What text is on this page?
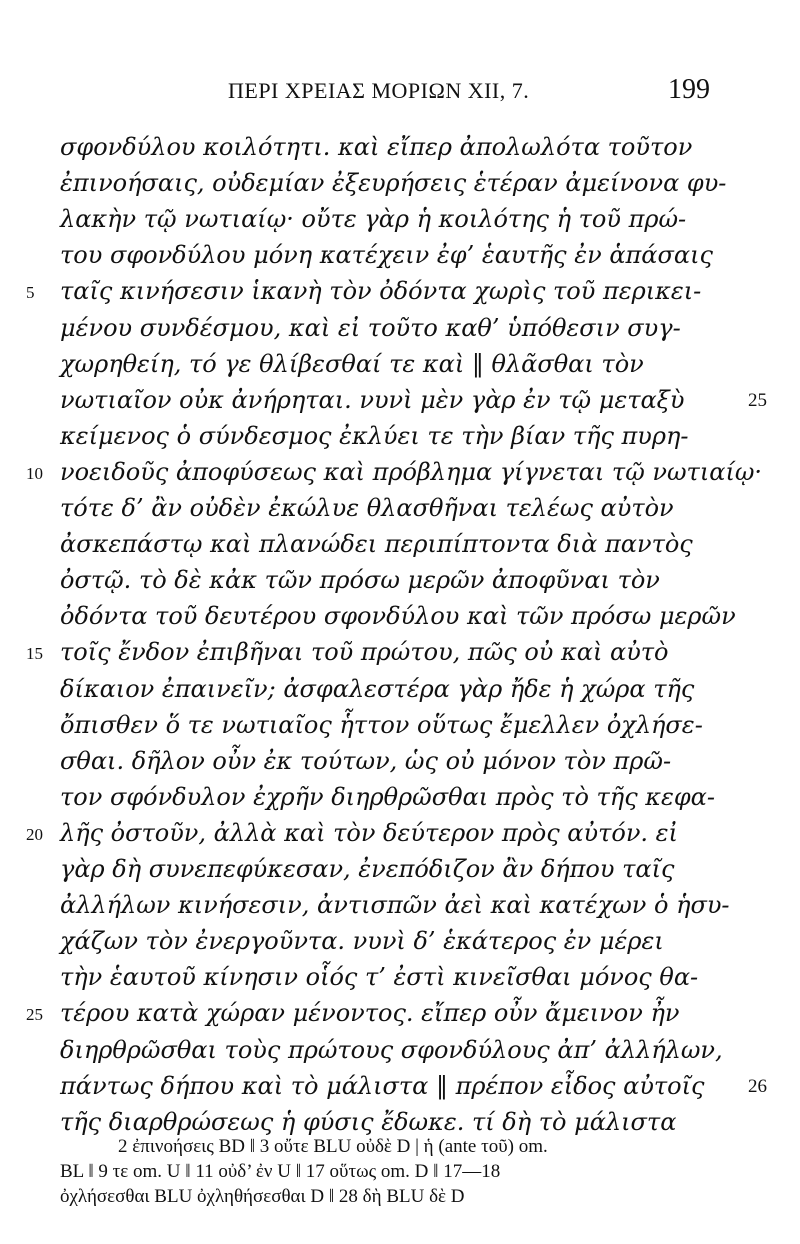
ΠΕΡΙ ΧΡΕΙΑΣ ΜΟΡΙΩΝ XII, 7.	199
σφονδύλου κοιλότητι. καὶ εἴπερ ἀπολωλότα τοῦτον
ἐπινοήσαις, οὐδεμίαν ἐξευρήσεις ἑτέραν ἀμείνονα φυ-
λακὴν τῷ νωτιαίῳ· οὔτε γὰρ ἡ κοιλότης ἡ τοῦ πρώ-
του σφονδύλου μόνη κατέχειν ἐφ’ ἑαυτῆς ἐν ἁπάσαις
ταῖς κινήσεσιν ἱκανὴ τὸν ὀδόντα χωρὶς τοῦ περικει-
μένου συνδέσμου, καὶ εἰ τοῦτο καθ’ ὑπόθεσιν συγ-
χωρηθείη, τό γε θλίβεσθαί τε καὶ ‖ θλᾶσθαι τὸν
νωτιαῖον οὐκ ἀνήρηται. νυνὶ μὲν γὰρ ἐν τῷ μεταξὺ
κείμενος ὁ σύνδεσμος ἐκλύει τε τὴν βίαν τῆς πυρη-
νοειδοῦς ἀποφύσεως καὶ πρόβλημα γίγνεται τῷ νωτιαίῳ·
τότε δ’ ἂν οὐδὲν ἐκώλυε θλασθῆναι τελέως αὐτὸν
ἀσκεπάστῳ καὶ πλανώδει περιπίπτοντα διὰ παντὸς
ὀστῷ. τὸ δὲ κἀκ τῶν πρόσω μερῶν ἀποφῦναι τὸν
ὀδόντα τοῦ δευτέρου σφονδύλου καὶ τῶν πρόσω μερῶν
τοῖς ἔνδον ἐπιβῆναι τοῦ πρώτου, πῶς οὐ καὶ αὐτὸ
δίκαιον ἐπαινεῖν; ἀσφαλεστέρα γὰρ ἤδε ἡ χώρα τῆς
ὄπισθεν ὅ τε νωτιαῖος ἧττον οὕτως ἔμελλεν ὀχλήσε-
σθαι. δῆλον οὖν ἐκ τούτων, ὡς οὐ μόνον τὸν πρῶ-
τον σφόνδυλον ἐχρῆν διηρθρῶσθαι πρὸς τὸ τῆς κεφα-
λῆς ὀστοῦν, ἀλλὰ καὶ τὸν δεύτερον πρὸς αὐτόν. εἰ
γὰρ δὴ συνεπεφύκεσαν, ἐνεπόδιζον ἂν δήπου ταῖς
ἀλλήλων κινήσεσιν, ἀντισπῶν ἀεὶ καὶ κατέχων ὁ ἡσυ-
χάζων τὸν ἐνεργοῦντα. νυνὶ δ’ ἑκάτερος ἐν μέρει
τὴν ἑαυτοῦ κίνησιν οἷός τ’ ἐστὶ κινεῖσθαι μόνος θα-
τέρου κατὰ χώραν μένοντος. εἴπερ οὖν ἄμεινον ἦν
διηρθρῶσθαι τοὺς πρώτους σφονδύλους ἀπ’ ἀλλήλων,
πάντως δήπου καὶ τὸ μάλιστα ‖ πρέπον εἶδος αὐτοῖς
τῆς διαρθρώσεως ἡ φύσις ἔδωκε. τί δὴ τὸ μάλιστα
5
10
15
20
25
25
26
2 ἐπινοήσεις BD ‖ 3 οὔτε BLU οὐδὲ D | ἡ (ante τοῦ) om.
BL ‖ 9 τε om. U ‖ 11 οὐδ’ ἐν U ‖ 17 οὕτως om. D ‖ 17—18
ὀχλήσεσθαι BLU ὀχληθήσεσθαι D ‖ 28 δὴ BLU δὲ D
